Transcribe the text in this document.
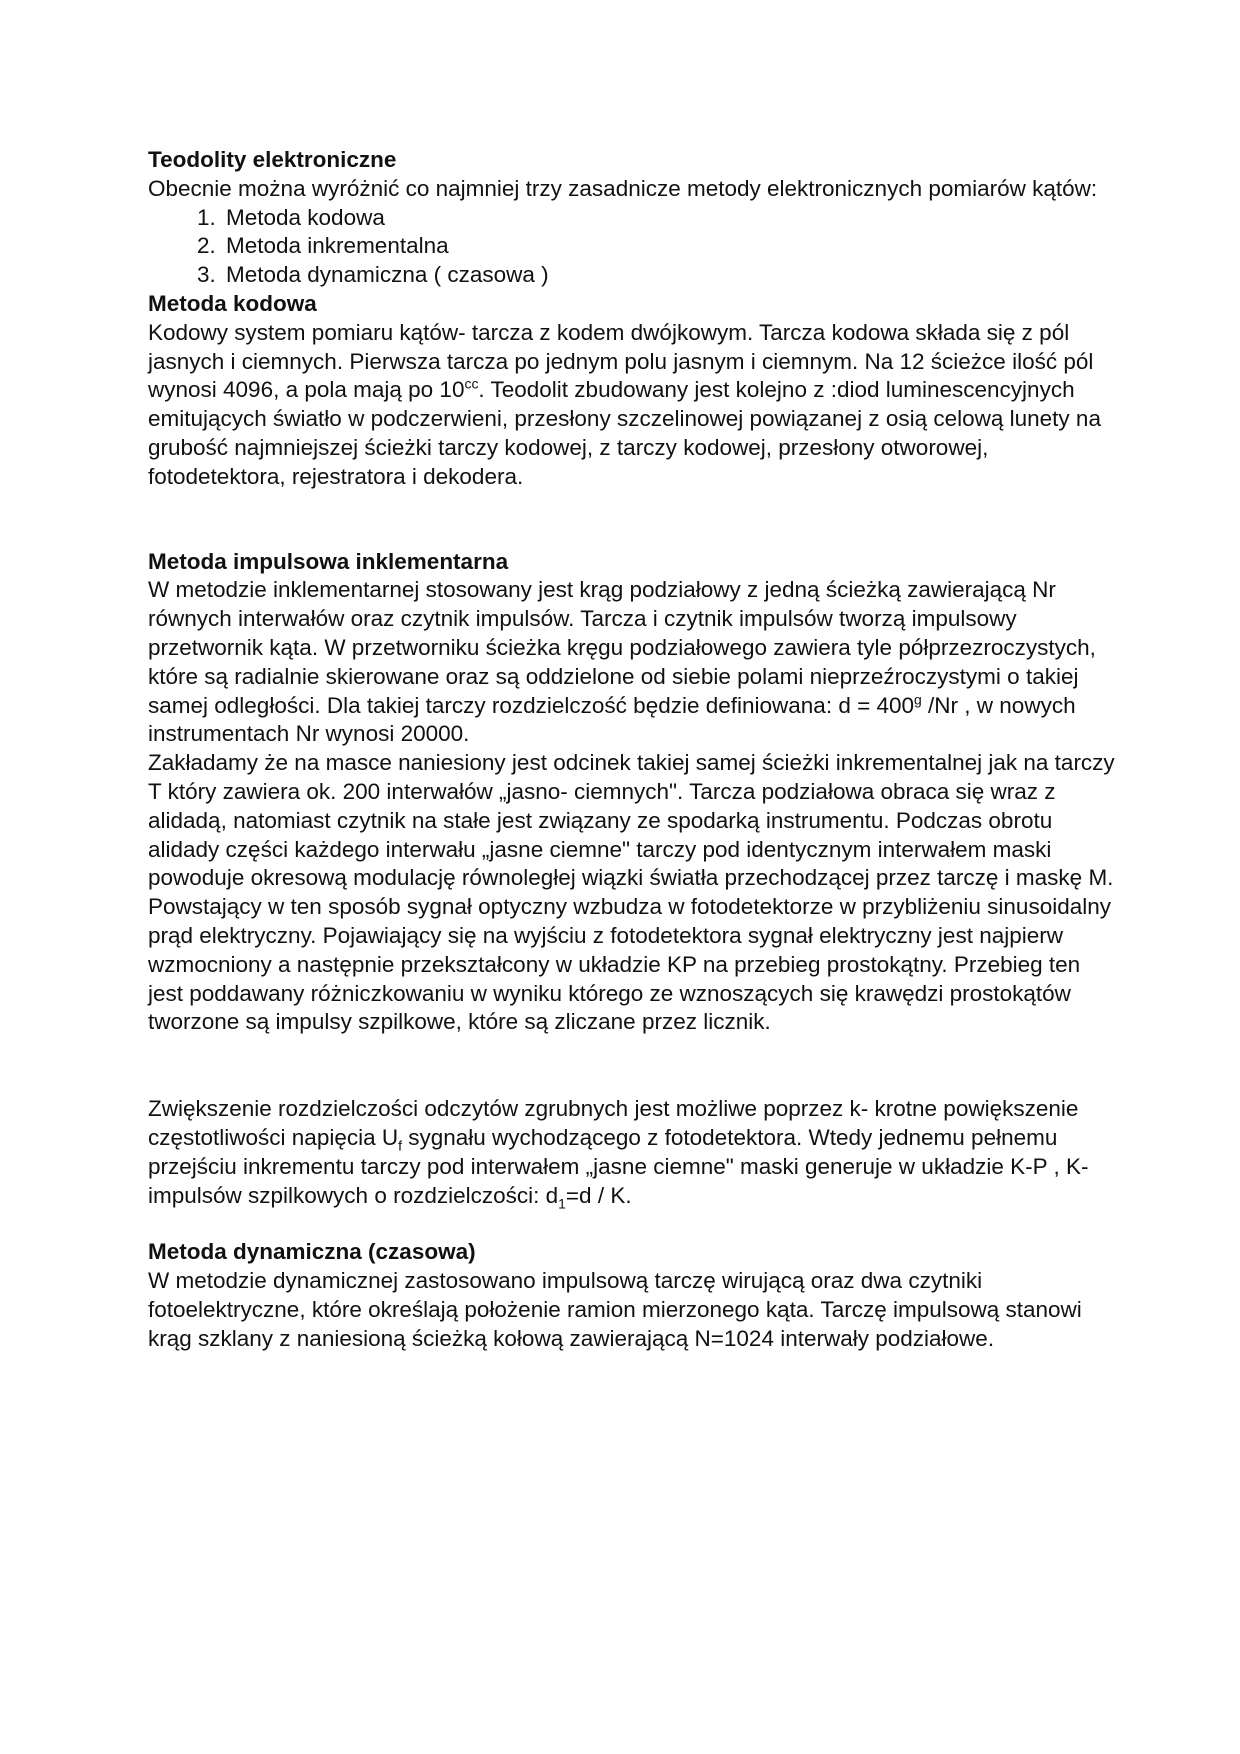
Teodolity elektroniczne

Obecnie można wyróżnić co najmniej trzy zasadnicze metody elektronicznych pomiarów kątów:

1. Metoda kodowa
2. Metoda inkrementalna
3. Metoda dynamiczna ( czasowa )

Metoda kodowa

Kodowy system pomiaru kątów- tarcza z kodem dwójkowym. Tarcza kodowa składa się z pól jasnych i ciemnych. Pierwsza tarcza po jednym polu jasnym i ciemnym. Na 12 ścieżce ilość pól wynosi 4096, a pola mają po $10^{cc}$. Teodolit zbudowany jest kolejno z :diod luminescencyjnych emitujących światło w podczerwieni, przesłony szczelinowej powiązanej z osią celową lunety na grubość najmniejszej ścieżki tarczy kodowej, z tarczy kodowej, przesłony otworowej, fotodetektora, rejestratora i dekodera.

Metoda impulsowa inklementarna

W metodzie inklementarnej stosowany jest krąg podziałowy z jedną ścieżką zawierającą Nr równych interwałów oraz czytnik impulsów. Tarcza i czytnik impulsów tworzą impulsowy przetwornik kąta. W przetworniku ścieżka kręgu podziałowego zawiera tyle półprzezroczystych, które są radialnie skierowane oraz są oddzielone od siebie polami nieprzeźroczystymi o takiej samej odległości. Dla takiej tarczy rozdzielczość będzie definiowana: $d = 400^g$ /Nr , w nowych instrumentach Nr wynosi 20000.

Zakładamy że na masce naniesiony jest odcinek takiej samej ścieżki inkrementalnej jak na tarczy T który zawiera ok. 200 interwałów „jasno- ciemnych". Tarcza podziałowa obraca się wraz z alidadą, natomiast czytnik na stałe jest związany ze spodarką instrumentu. Podczas obrotu alidady części każdego interwału „jasne ciemne" tarczy pod identycznym interwałem maski powoduje okresową modulację równoległej wiązki światła przechodzącej przez tarczę i maskę M. Powstający w ten sposób sygnał optyczny wzbudza w fotodetektorze w przybliżeniu sinusoidalny prąd elektryczny. Pojawiający się na wyjściu z fotodetektora sygnał elektryczny jest najpierw wzmocniony a następnie przekształcony w układzie KP na przebieg prostokątny. Przebieg ten jest poddawany różniczkowaniu w wyniku którego ze wznoszących się krawędzi prostokątów tworzone są impulsy szpilkowe, które są zliczane przez licznik.

Zwiększenie rozdzielczości odczytów zgrubnych jest możliwe poprzez k- krotne powiększenie częstotliwości napięcia $U_f$ sygnału wychodzącego z fotodetektora. Wtedy jednemu pełnemu przejściu inkrementu tarczy pod interwałem „jasne ciemne" maski generuje w układzie K-P , K-impulsów szpilkowych o rozdzielczości: $d_1=d / K$.

Metoda dynamiczna (czasowa)

W metodzie dynamicznej zastosowano impulsową tarczę wirującą oraz dwa czytniki fotoelektryczne, które określają położenie ramion mierzonego kąta. Tarczę impulsową stanowi krąg szklany z naniesioną ścieżką kołową zawierającą N=1024 interwały podziałowe.
